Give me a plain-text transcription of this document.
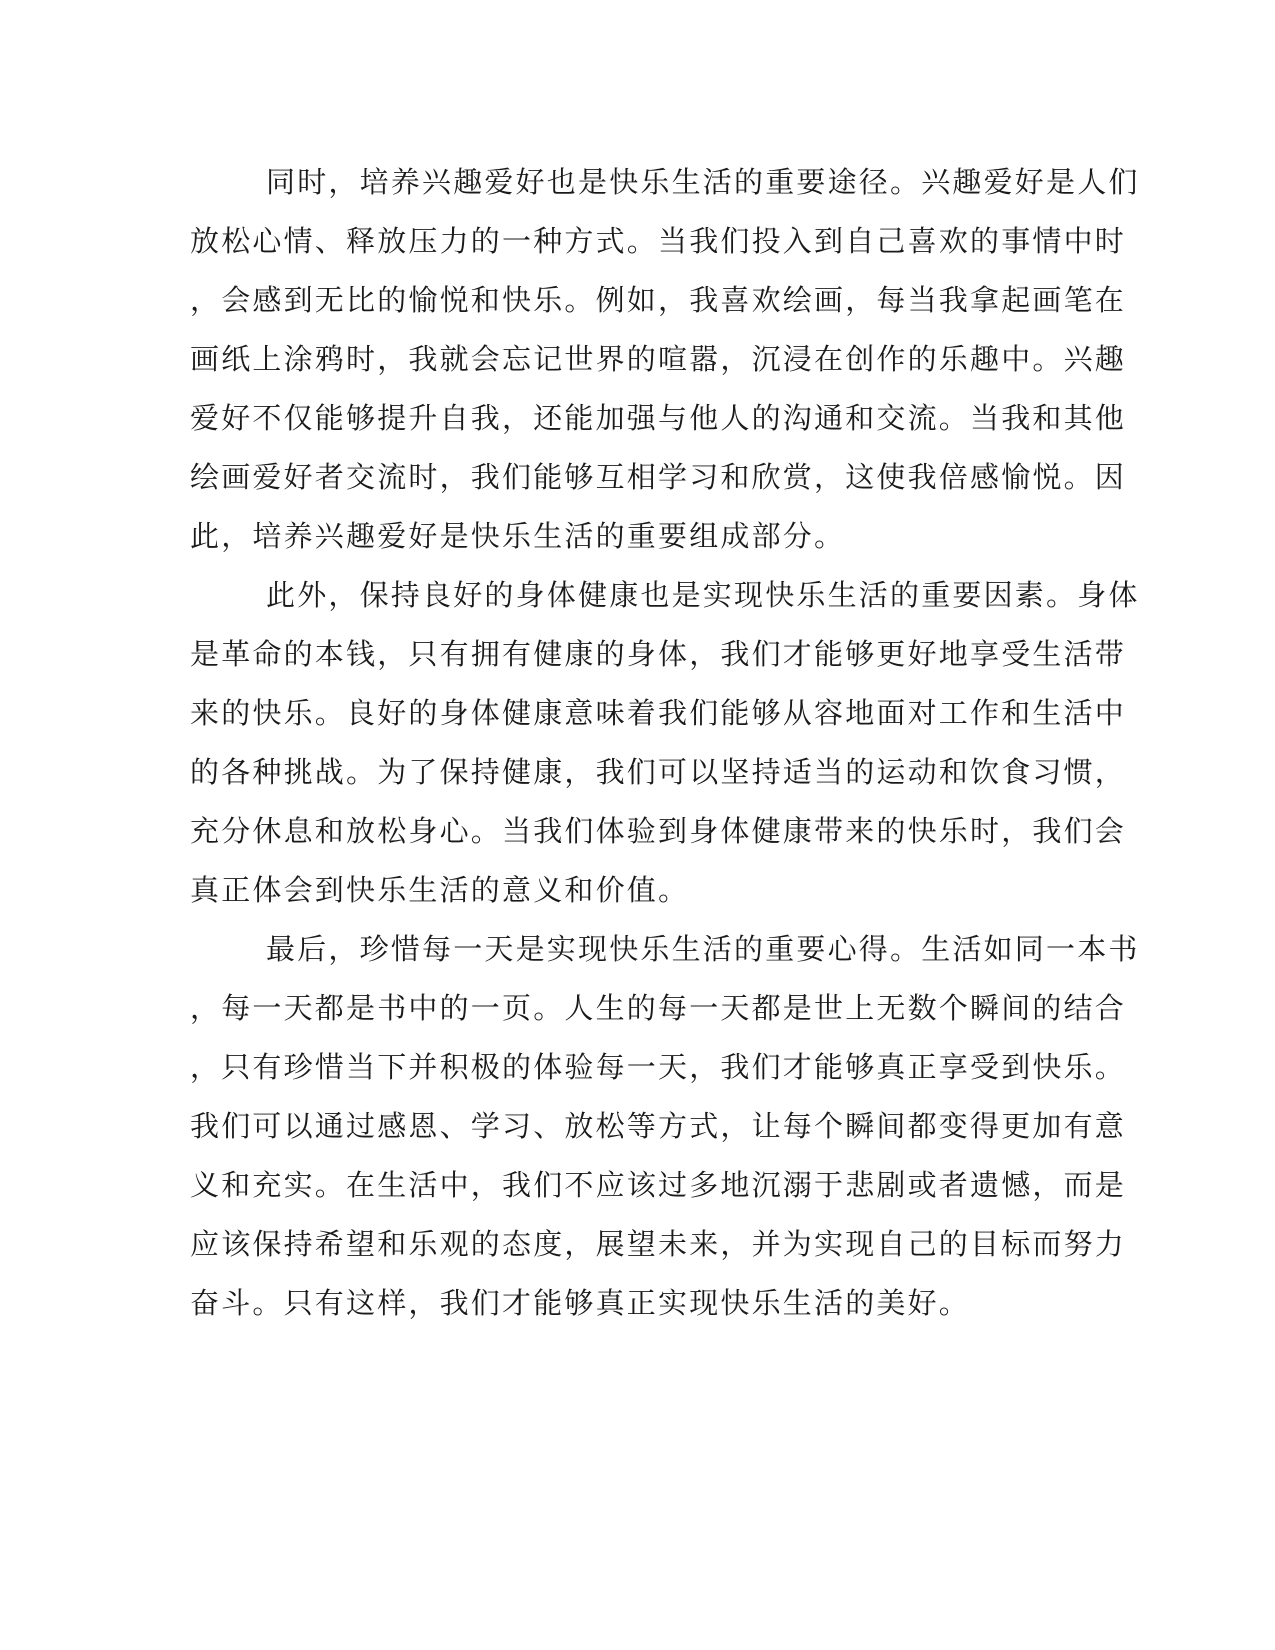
同时，培养兴趣爱好也是快乐生活的重要途径。兴趣爱好是人们
放松心情、释放压力的一种方式。当我们投入到自己喜欢的事情中时
，会感到无比的愉悦和快乐。例如，我喜欢绘画，每当我拿起画笔在
画纸上涂鸦时，我就会忘记世界的喧嚣，沉浸在创作的乐趣中。兴趣
爱好不仅能够提升自我，还能加强与他人的沟通和交流。当我和其他
绘画爱好者交流时，我们能够互相学习和欣赏，这使我倍感愉悦。因
此，培养兴趣爱好是快乐生活的重要组成部分。
此外，保持良好的身体健康也是实现快乐生活的重要因素。身体
是革命的本钱，只有拥有健康的身体，我们才能够更好地享受生活带
来的快乐。良好的身体健康意味着我们能够从容地面对工作和生活中
的各种挑战。为了保持健康，我们可以坚持适当的运动和饮食习惯，
充分休息和放松身心。当我们体验到身体健康带来的快乐时，我们会
真正体会到快乐生活的意义和价值。
最后，珍惜每一天是实现快乐生活的重要心得。生活如同一本书
，每一天都是书中的一页。人生的每一天都是世上无数个瞬间的结合
，只有珍惜当下并积极的体验每一天，我们才能够真正享受到快乐。
我们可以通过感恩、学习、放松等方式，让每个瞬间都变得更加有意
义和充实。在生活中，我们不应该过多地沉溺于悲剧或者遗憾，而是
应该保持希望和乐观的态度，展望未来，并为实现自己的目标而努力
奋斗。只有这样，我们才能够真正实现快乐生活的美好。
